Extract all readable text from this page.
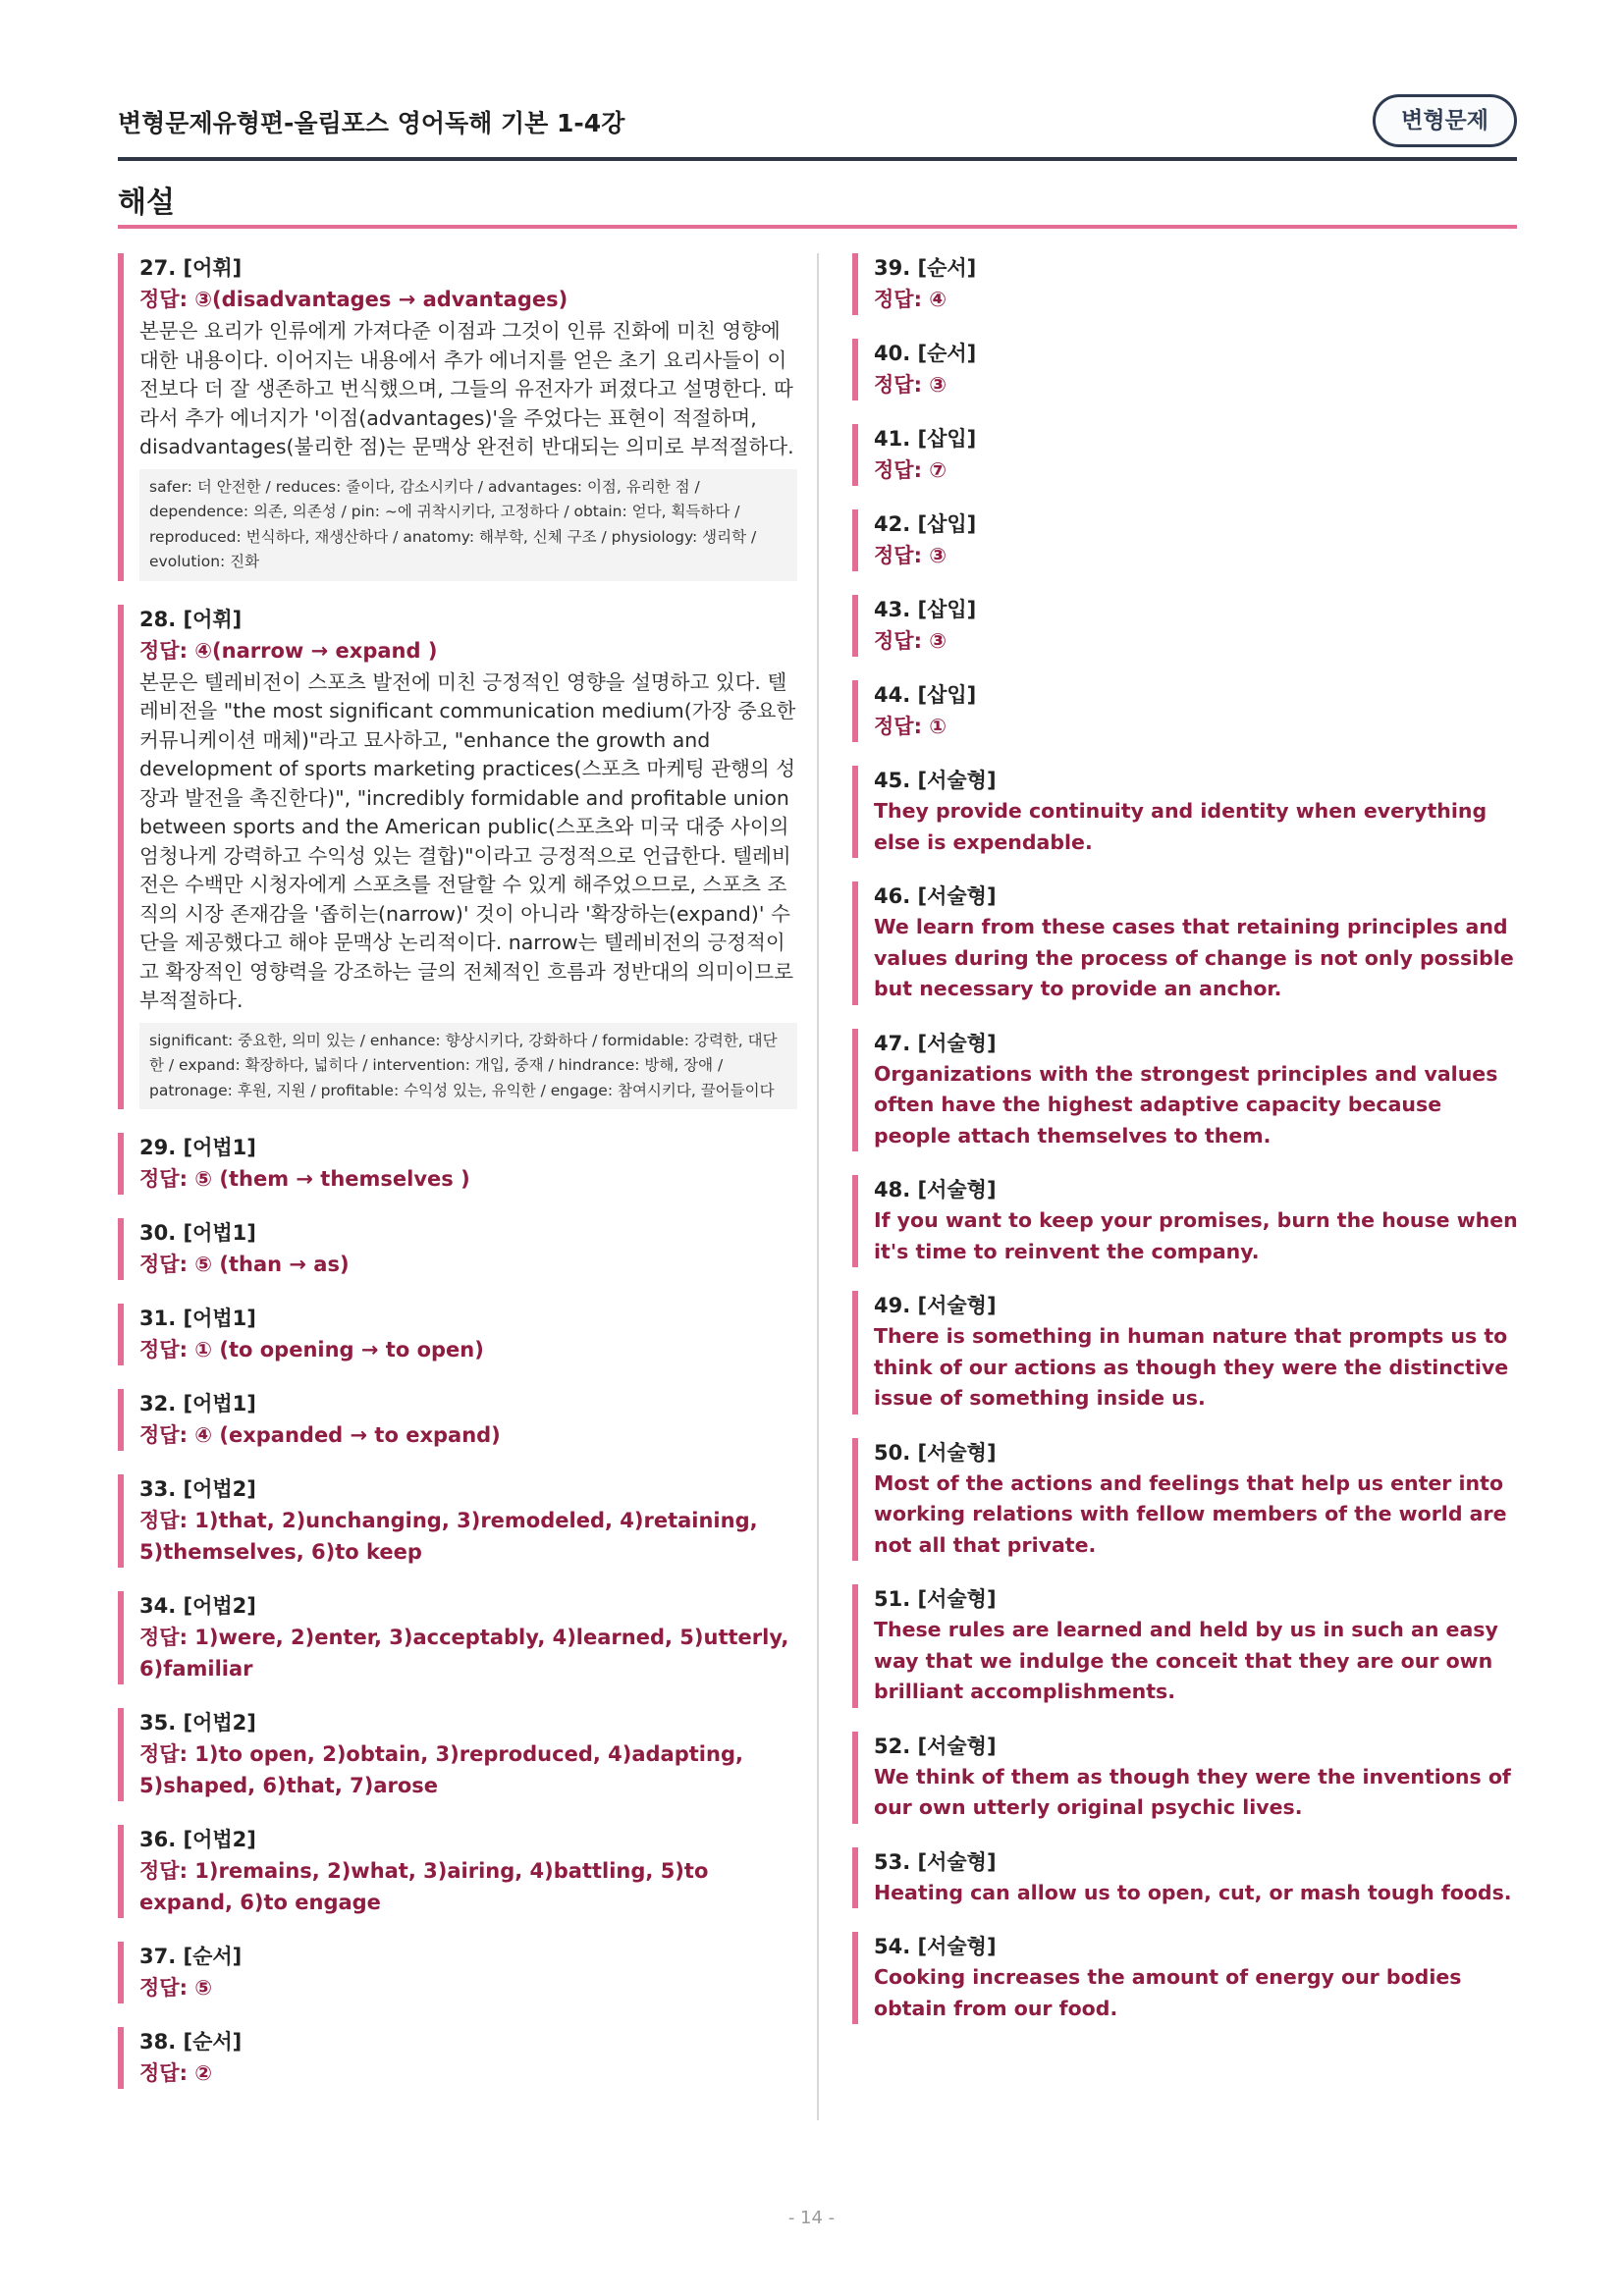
변형문제유형편-올림포스 영어독해 기본 1-4강	변형문제
해설
27. [어휘]
정답: ③(disadvantages → advantages)
본문은 요리가 인류에게 가져다준 이점과 그것이 인류 진화에 미친 영향에 대한 내용이다. 이어지는 내용에서 추가 에너지를 얻은 초기 요리사들이 이전보다 더 잘 생존하고 번식했으며, 그들의 유전자가 퍼졌다고 설명한다. 따라서 추가 에너지가 '이점(advantages)'을 주었다는 표현이 적절하며, disadvantages(불리한 점)는 문맥상 완전히 반대되는 의미로 부적절하다.
safer: 더 안전한 / reduces: 줄이다, 감소시키다 / advantages: 이점, 유리한 점 / dependence: 의존, 의존성 / pin: ~에 귀착시키다, 고정하다 / obtain: 얻다, 획득하다 / reproduced: 번식하다, 재생산하다 / anatomy: 해부학, 신체 구조 / physiology: 생리학 / evolution: 진화
28. [어휘]
정답: ④(narrow → expand )
본문은 텔레비전이 스포츠 발전에 미친 긍정적인 영향을 설명하고 있다. 텔레비전을 "the most significant communication medium(가장 중요한 커뮤니케이션 매체)"라고 묘사하고, "enhance the growth and development of sports marketing practices(스포츠 마케팅 관행의 성장과 발전을 촉진한다)", "incredibly formidable and profitable union between sports and the American public(스포츠와 미국 대중 사이의 엄청나게 강력하고 수익성 있는 결합)"이라고 긍정적으로 언급한다. 텔레비전은 수백만 시청자에게 스포츠를 전달할 수 있게 해주었으므로, 스포츠 조직의 시장 존재감을 '좁히는(narrow)' 것이 아니라 '확장하는(expand)' 수단을 제공했다고 해야 문맥상 논리적이다. narrow는 텔레비전의 긍정적이고 확장적인 영향력을 강조하는 글의 전체적인 흐름과 정반대의 의미이므로 부적절하다.
significant: 중요한, 의미 있는 / enhance: 향상시키다, 강화하다 / formidable: 강력한, 대단한 / expand: 확장하다, 넓히다 / intervention: 개입, 중재 / hindrance: 방해, 장애 / patronage: 후원, 지원 / profitable: 수익성 있는, 유익한 / engage: 참여시키다, 끌어들이다
29. [어법1]
정답: ⑤ (them → themselves )
30. [어법1]
정답: ⑤ (than → as)
31. [어법1]
정답: ① (to opening → to open)
32. [어법1]
정답: ④ (expanded → to expand)
33. [어법2]
정답: 1)that, 2)unchanging, 3)remodeled, 4)retaining, 5)themselves, 6)to keep
34. [어법2]
정답: 1)were, 2)enter, 3)acceptably, 4)learned, 5)utterly, 6)familiar
35. [어법2]
정답: 1)to open, 2)obtain, 3)reproduced, 4)adapting, 5)shaped, 6)that, 7)arose
36. [어법2]
정답: 1)remains, 2)what, 3)airing, 4)battling, 5)to expand, 6)to engage
37. [순서]
정답: ⑤
38. [순서]
정답: ②
39. [순서]
정답: ④
40. [순서]
정답: ③
41. [삽입]
정답: ⑦
42. [삽입]
정답: ③
43. [삽입]
정답: ③
44. [삽입]
정답: ①
45. [서술형]
They provide continuity and identity when everything else is expendable.
46. [서술형]
We learn from these cases that retaining principles and values during the process of change is not only possible but necessary to provide an anchor.
47. [서술형]
Organizations with the strongest principles and values often have the highest adaptive capacity because people attach themselves to them.
48. [서술형]
If you want to keep your promises, burn the house when it's time to reinvent the company.
49. [서술형]
There is something in human nature that prompts us to think of our actions as though they were the distinctive issue of something inside us.
50. [서술형]
Most of the actions and feelings that help us enter into working relations with fellow members of the world are not all that private.
51. [서술형]
These rules are learned and held by us in such an easy way that we indulge the conceit that they are our own brilliant accomplishments.
52. [서술형]
We think of them as though they were the inventions of our own utterly original psychic lives.
53. [서술형]
Heating can allow us to open, cut, or mash tough foods.
54. [서술형]
Cooking increases the amount of energy our bodies obtain from our food.
- 14 -
